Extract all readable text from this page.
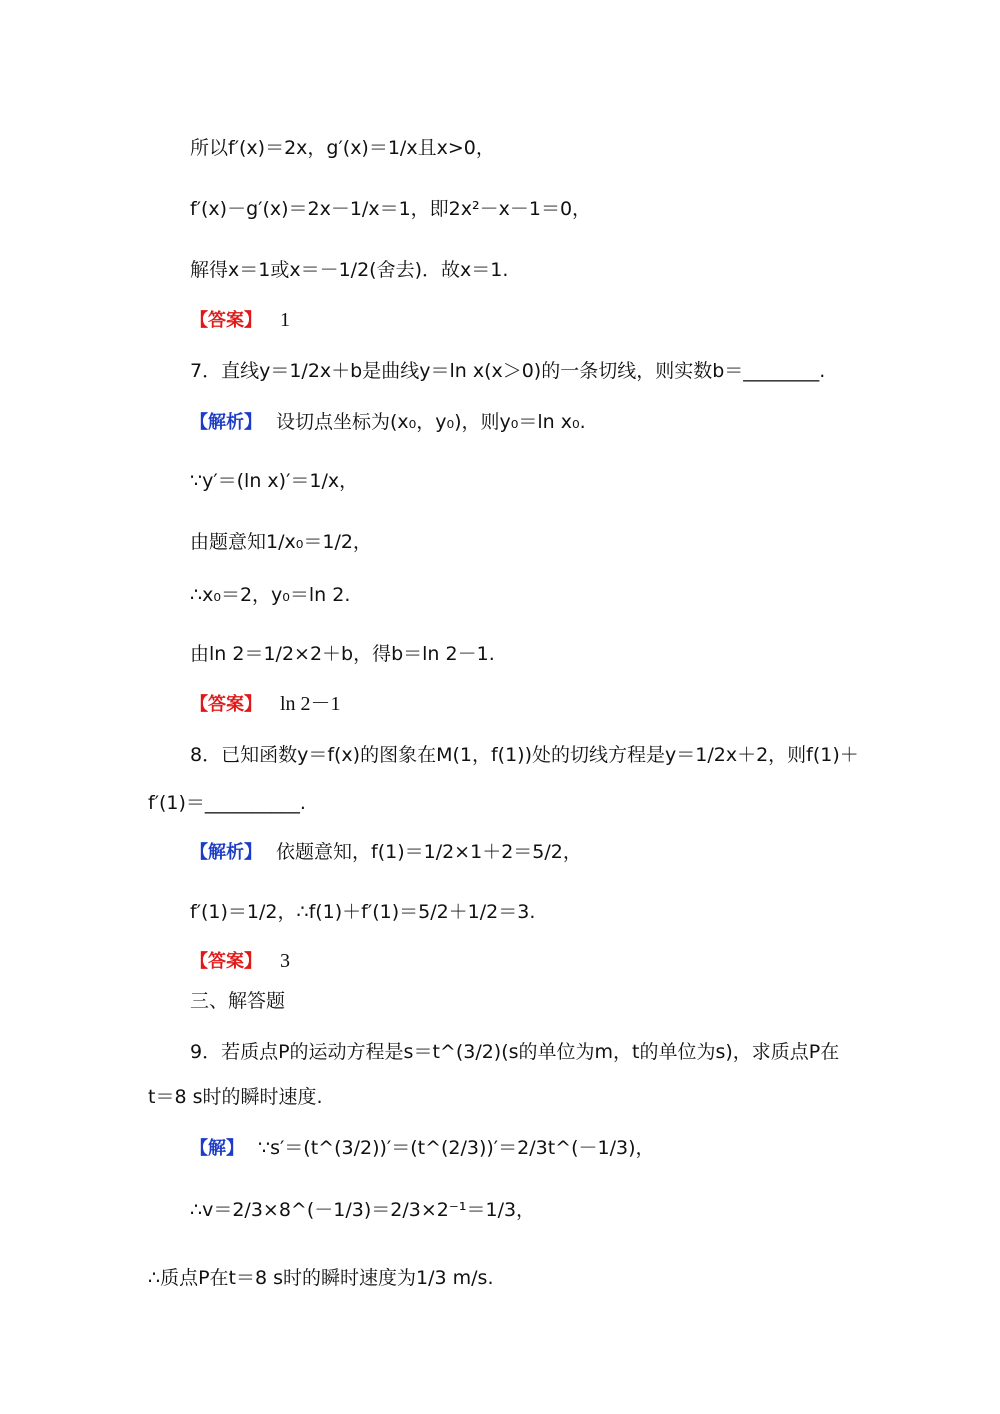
所以f′(x)＝2x，g′(x)＝1/x且x>0，
f′(x)－g′(x)＝2x－1/x＝1，即2x²－x－1＝0，
解得x＝1或x＝－1/2(舍去)．故x＝1.
【答案】 1
7．直线y＝1/2x＋b是曲线y＝ln x(x＞0)的一条切线，则实数b＝________.
【解析】 设切点坐标为(x₀，y₀)，则y₀＝ln x₀.
∵y′＝(ln x)′＝1/x，
由题意知1/x₀＝1/2，
∴x₀＝2，y₀＝ln 2.
由ln 2＝1/2×2＋b，得b＝ln 2－1.
【答案】 ln 2－1
8．已知函数y＝f(x)的图象在M(1，f(1))处的切线方程是y＝1/2x＋2，则f(1)＋
f′(1)＝__________.
【解析】 依题意知，f(1)＝1/2×1＋2＝5/2，
f′(1)＝1/2，∴f(1)＋f′(1)＝5/2＋1/2＝3.
【答案】 3
三、解答题
9．若质点P的运动方程是s＝t^(3/2)(s的单位为m，t的单位为s)，求质点P在
t＝8 s时的瞬时速度.
【解】 ∵s′＝(t^(3/2))′＝(t^(2/3))′＝2/3t^(－1/3)，
∴v＝2/3×8^(－1/3)＝2/3×2⁻¹＝1/3，
∴质点P在t＝8 s时的瞬时速度为1/3 m/s.
